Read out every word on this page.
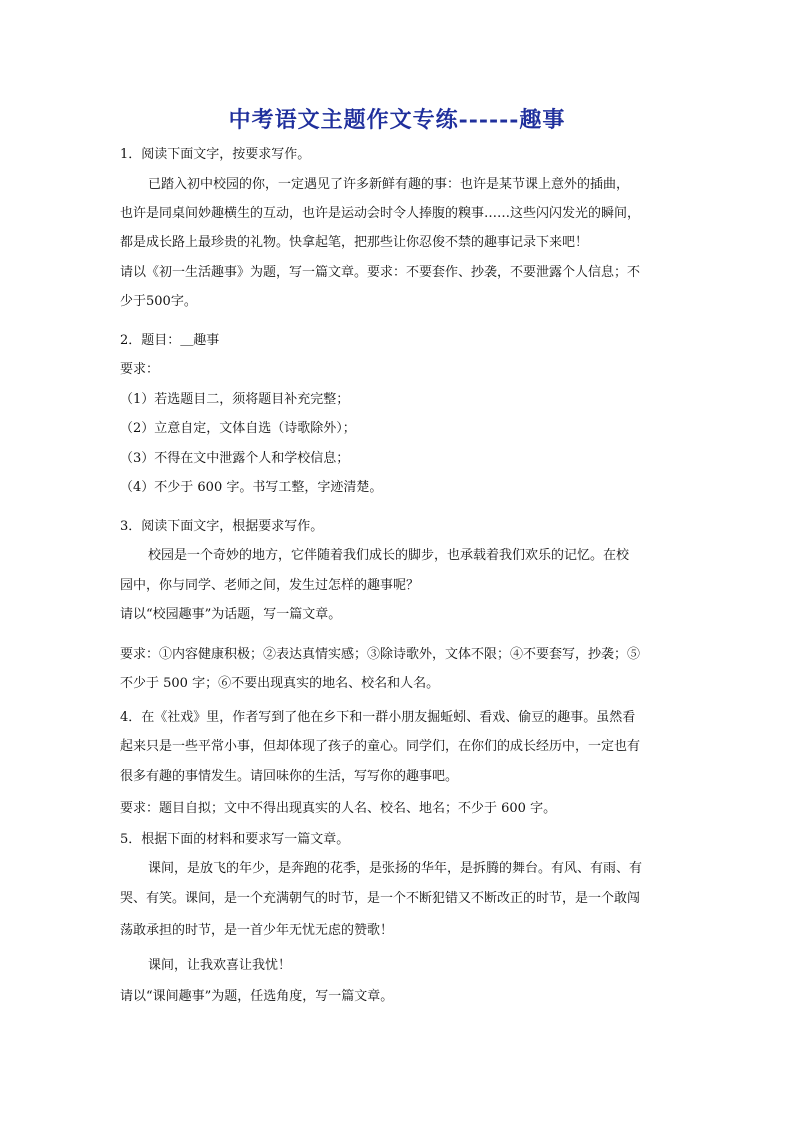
中考语文主题作文专练------趣事
1．阅读下面文字，按要求写作。
已踏入初中校园的你，一定遇见了许多新鲜有趣的事：也许是某节课上意外的插曲，
也许是同桌间妙趣横生的互动，也许是运动会时令人捧腹的糗事……这些闪闪发光的瞬间，
都是成长路上最珍贵的礼物。快拿起笔，把那些让你忍俊不禁的趣事记录下来吧！
请以《初一生活趣事》为题，写一篇文章。要求：不要套作、抄袭，不要泄露个人信息；不
少于500字。
2．题目：＿趣事
要求：
（1）若选题目二，须将题目补充完整；
（2）立意自定，文体自选（诗歌除外）；
（3）不得在文中泄露个人和学校信息；
（4）不少于 600 字。书写工整，字迹清楚。
3．阅读下面文字，根据要求写作。
校园是一个奇妙的地方，它伴随着我们成长的脚步，也承载着我们欢乐的记忆。在校
园中，你与同学、老师之间，发生过怎样的趣事呢？
请以“校园趣事”为话题，写一篇文章。
要求：①内容健康积极；②表达真情实感；③除诗歌外，文体不限；④不要套写，抄袭；⑤
不少于 500 字；⑥不要出现真实的地名、校名和人名。
4．在《社戏》里，作者写到了他在乡下和一群小朋友掘蚯蚓、看戏、偷豆的趣事。虽然看
起来只是一些平常小事，但却体现了孩子的童心。同学们，在你们的成长经历中，一定也有
很多有趣的事情发生。请回味你的生活，写写你的趣事吧。
要求：题目自拟；文中不得出现真实的人名、校名、地名；不少于 600 字。
5．根据下面的材料和要求写一篇文章。
课间，是放飞的年少，是奔跑的花季，是张扬的华年，是拆腾的舞台。有风、有雨、有
哭、有笑。课间，是一个充满朝气的时节，是一个不断犯错又不断改正的时节，是一个敢闯
荡敢承担的时节，是一首少年无忧无虑的赞歌！
课间，让我欢喜让我忧！
请以“课间趣事”为题，任选角度，写一篇文章。
